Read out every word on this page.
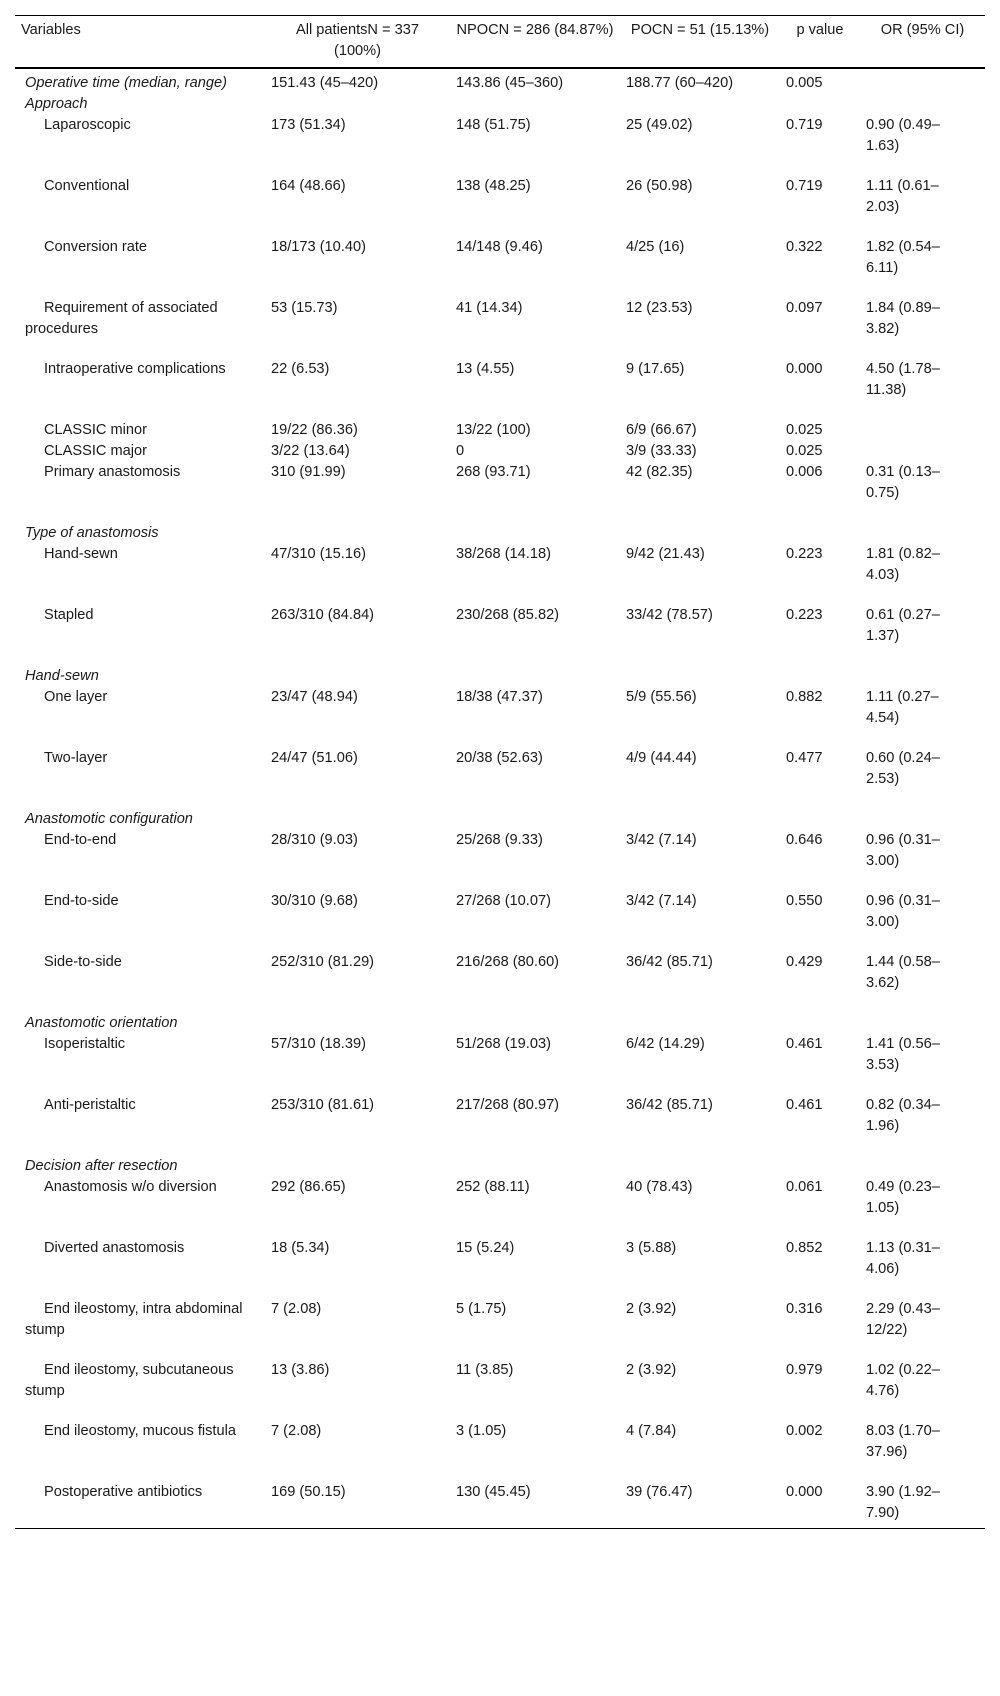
Variables	All patientsN = 337 (100%)	NPOCN = 286 (84.87%)	POCN = 51 (15.13%)	p value	OR (95% CI)
Operative time (median, range)	151.43 (45–420)	143.86 (45–360)	188.77 (60–420)	0.005	
Approach					
Laparoscopic	173 (51.34)	148 (51.75)	25 (49.02)	0.719	0.90 (0.49–1.63)
Conventional	164 (48.66)	138 (48.25)	26 (50.98)	0.719	1.11 (0.61–2.03)
Conversion rate	18/173 (10.40)	14/148 (9.46)	4/25 (16)	0.322	1.82 (0.54–6.11)
Requirement of associated procedures	53 (15.73)	41 (14.34)	12 (23.53)	0.097	1.84 (0.89–3.82)
Intraoperative complications	22 (6.53)	13 (4.55)	9 (17.65)	0.000	4.50 (1.78–11.38)
CLASSIC minor	19/22 (86.36)	13/22 (100)	6/9 (66.67)	0.025	
CLASSIC major	3/22 (13.64)	0	3/9 (33.33)	0.025	
Primary anastomosis	310 (91.99)	268 (93.71)	42 (82.35)	0.006	0.31 (0.13–0.75)
Type of anastomosis					
Hand-sewn	47/310 (15.16)	38/268 (14.18)	9/42 (21.43)	0.223	1.81 (0.82–4.03)
Stapled	263/310 (84.84)	230/268 (85.82)	33/42 (78.57)	0.223	0.61 (0.27–1.37)
Hand-sewn					
One layer	23/47 (48.94)	18/38 (47.37)	5/9 (55.56)	0.882	1.11 (0.27–4.54)
Two-layer	24/47 (51.06)	20/38 (52.63)	4/9 (44.44)	0.477	0.60 (0.24–2.53)
Anastomotic configuration					
End-to-end	28/310 (9.03)	25/268 (9.33)	3/42 (7.14)	0.646	0.96 (0.31–3.00)
End-to-side	30/310 (9.68)	27/268 (10.07)	3/42 (7.14)	0.550	0.96 (0.31–3.00)
Side-to-side	252/310 (81.29)	216/268 (80.60)	36/42 (85.71)	0.429	1.44 (0.58–3.62)
Anastomotic orientation					
Isoperistaltic	57/310 (18.39)	51/268 (19.03)	6/42 (14.29)	0.461	1.41 (0.56–3.53)
Anti-peristaltic	253/310 (81.61)	217/268 (80.97)	36/42 (85.71)	0.461	0.82 (0.34–1.96)
Decision after resection					
Anastomosis w/o diversion	292 (86.65)	252 (88.11)	40 (78.43)	0.061	0.49 (0.23–1.05)
Diverted anastomosis	18 (5.34)	15 (5.24)	3 (5.88)	0.852	1.13 (0.31–4.06)
End ileostomy, intra abdominal stump	7 (2.08)	5 (1.75)	2 (3.92)	0.316	2.29 (0.43–12/22)
End ileostomy, subcutaneous stump	13 (3.86)	11 (3.85)	2 (3.92)	0.979	1.02 (0.22–4.76)
End ileostomy, mucous fistula	7 (2.08)	3 (1.05)	4 (7.84)	0.002	8.03 (1.70–37.96)
Postoperative antibiotics	169 (50.15)	130 (45.45)	39 (76.47)	0.000	3.90 (1.92–7.90)
